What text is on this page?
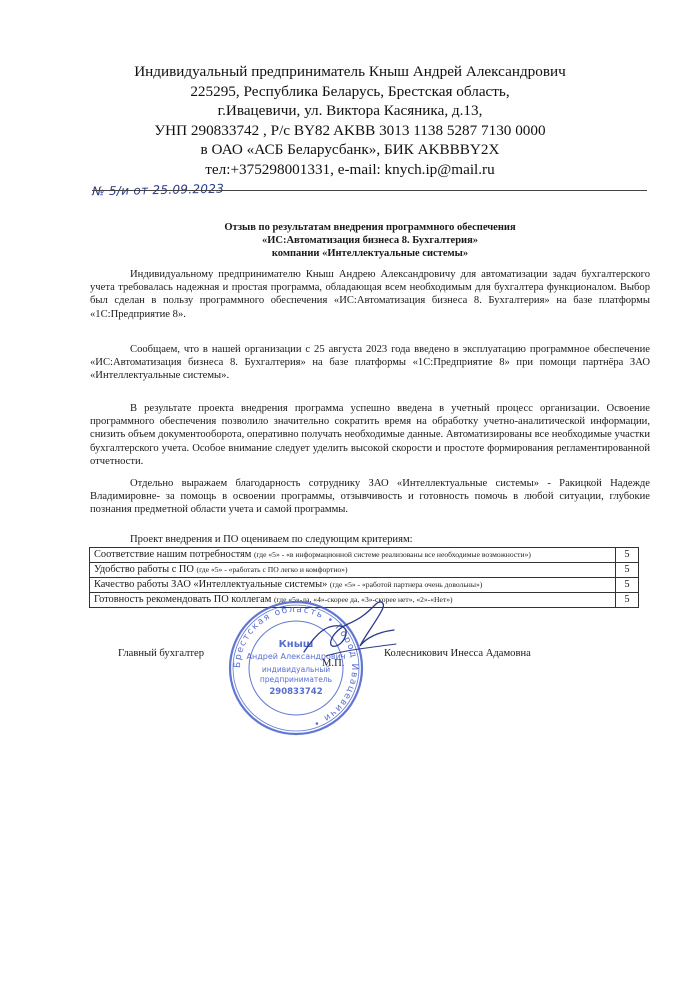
Индивидуальный предприниматель Кныш Андрей Александрович
225295, Республика Беларусь, Брестская область,
г.Ивацевичи, ул. Виктора Касяника, д.13,
УНП 290833742 , Р/с BY82 AKBB 3013 1138 5287 7130 0000
в ОАО «АСБ Беларусбанк», БИК AKBBBY2X
тел:+375298001331, e-mail: knych.ip@mail.ru
№ 5/и от 25.09.2023
Отзыв по результатам внедрения программного обеспечения
«ИС:Автоматизация бизнеса 8. Бухгалтерия»
компании «Интеллектуальные системы»
Индивидуальному предпринимателю Кныш Андрею Александровичу для автоматизации задач бухгалтерского учета требовалась надежная и простая программа, обладающая всем необходимым для бухгалтера функционалом. Выбор был сделан в пользу программного обеспечения «ИС:Автоматизация бизнеса 8. Бухгалтерия» на базе платформы «1С:Предприятие 8».
Сообщаем, что в нашей организации с 25 августа 2023 года введено в эксплуатацию программное обеспечение «ИС:Автоматизация бизнеса 8. Бухгалтерия» на базе платформы «1С:Предприятие 8» при помощи партнёра ЗАО «Интеллектуальные системы».
В результате проекта внедрения программа успешно введена в учетный процесс организации. Освоение программного обеспечения позволило значительно сократить время на обработку учетно-аналитической информации, снизить объем документооборота, оперативно получать необходимые данные. Автоматизированы все необходимые участки бухгалтерского учета. Особое внимание следует уделить высокой скорости и простоте формирования регламентированной отчетности.
Отдельно выражаем благодарность сотруднику ЗАО «Интеллектуальные системы» - Ракицкой Надежде Владимировне- за помощь в освоении программы, отзывчивость и готовность помочь в любой ситуации, глубокие познания предметной области учета и самой программы.
Проект внедрения и ПО оцениваем по следующим критериям:
Соответствие нашим потребностям (где «5» - «в информационной системе реализованы все необходимые возможности»)	5
Удобство работы с ПО (где «5» - «работать с ПО легко и комфортно»)	5
Качество работы ЗАО «Интеллектуальные системы» (где «5» - «работой партнера очень довольны»)	5
Готовность рекомендовать ПО коллегам (где «5»-да, «4»-скорее да, «3»-скорее нет», «2»-«Нет»)	5
Главный бухгалтер	Колесникович Инесса Адамовна
М.П.
Брестская область • Город Ивацевичи •
Кныш
Андрей Александрович
индивидуальный
предприниматель
290833742
